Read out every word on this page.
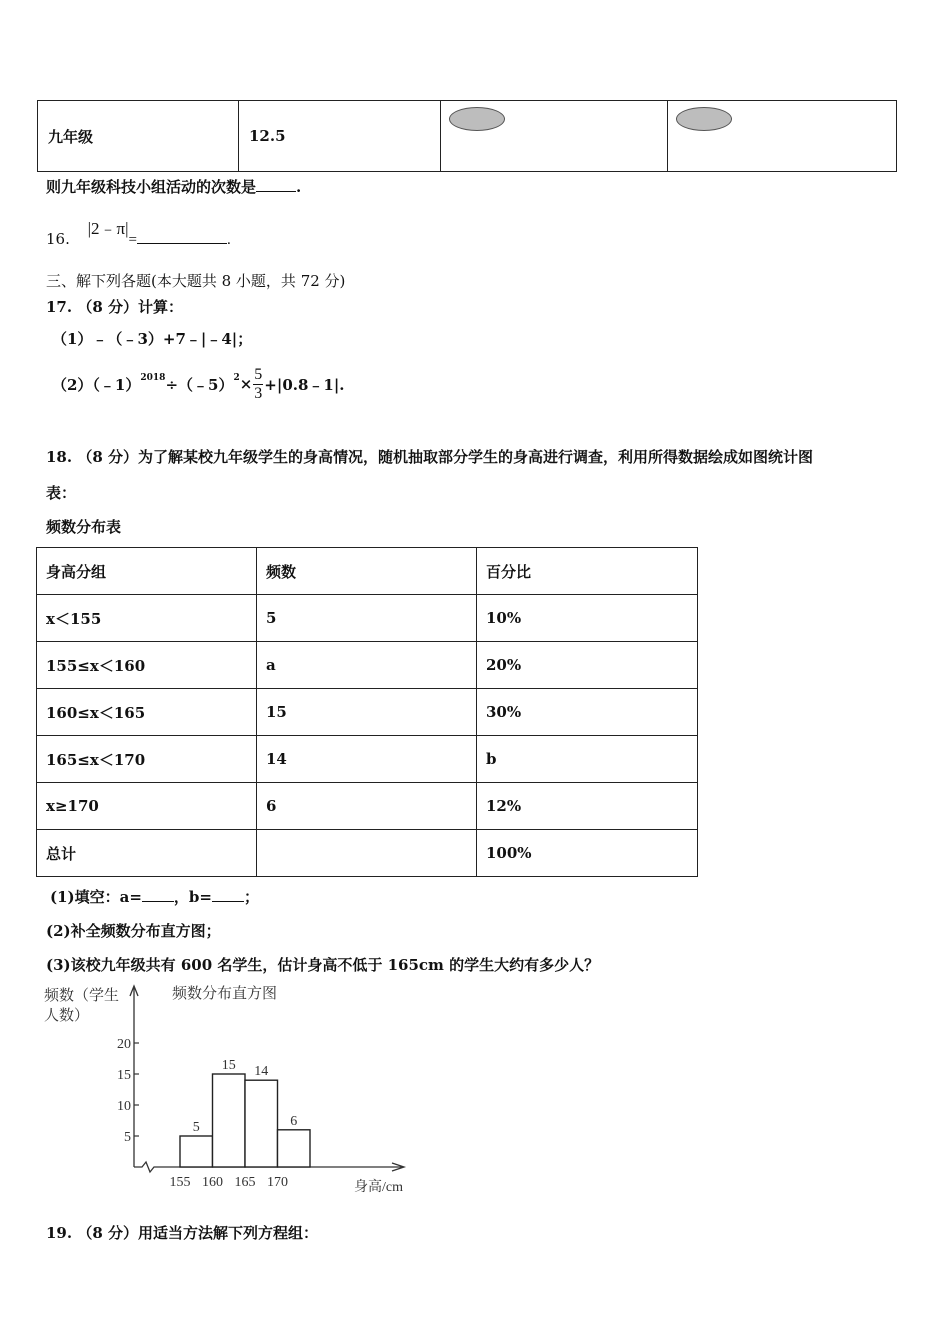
九年级	12.5	

则九年级科技小组活动的次数是	.
16. |2﹣π|=	.
三、解下列各题(本大题共 8 小题，共 72 分)
17. （8 分）计算：
（1）﹣（﹣3）+7﹣|﹣4|；
（2）（﹣1）$^{2018}$ ÷（﹣5）$^2$ × $\frac{5}{3}$ +|0.8﹣1|.
18. （8 分）为了解某校九年级学生的身高情况，随机抽取部分学生的身高进行调查，利用所得数据绘成如图统计图
表：
频数分布表
身高分组	频数	百分比
x＜155	5	10%
155≤x＜160	a	20%
160≤x＜165	15	30%
165≤x＜170	14	b
x≥170	6	12%
总计		100%
(1)填空：a= ，b= ；
(2)补全频数分布直方图；
(3)该校九年级共有 600 名学生，估计身高不低于 165cm 的学生大约有多少人？
5
10
15
20
5
15 14
6
155 160 165 170
频数（学生
人数）
频数分布直方图
身高/cm
19. （8 分）用适当方法解下列方程组：
